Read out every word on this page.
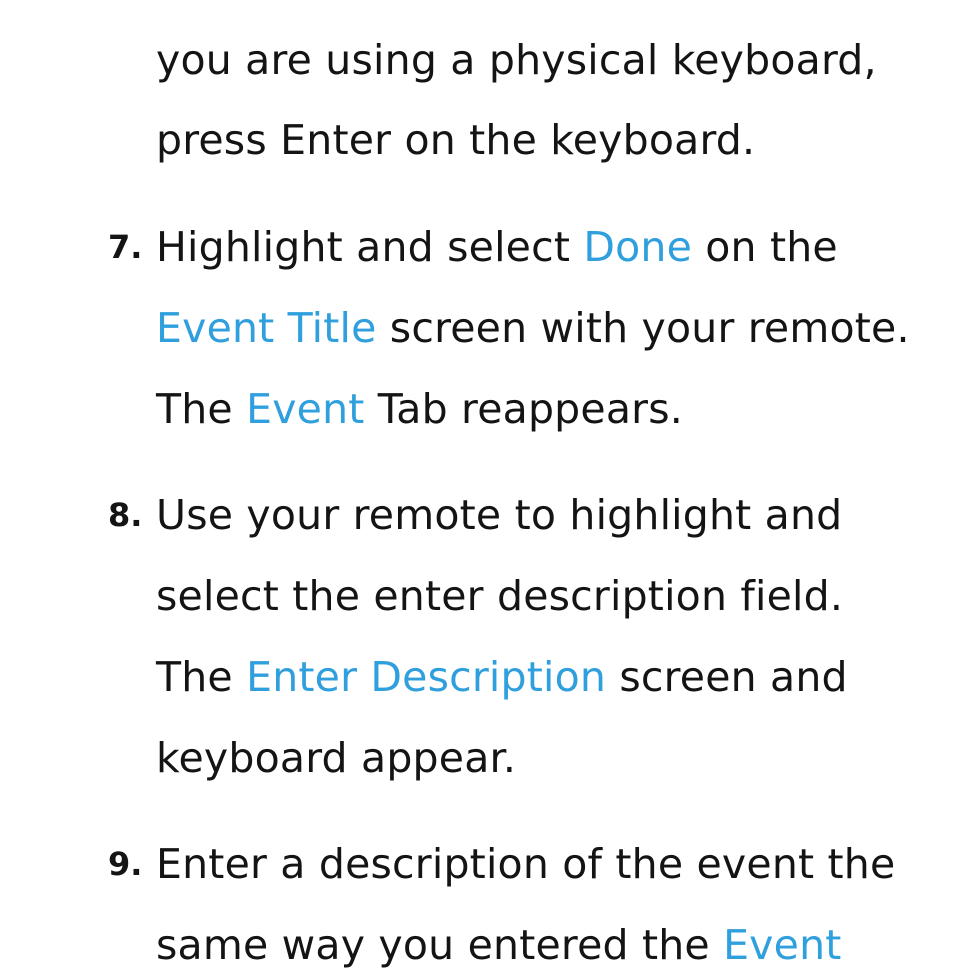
you are using a physical keyboard,
press Enter on the keyboard.
7. Highlight and select Done on the
Event Title screen with your remote.
The Event Tab reappears.
8. Use your remote to highlight and
select the enter description field.
The Enter Description screen and
keyboard appear.
9. Enter a description of the event the
same way you entered the Event
